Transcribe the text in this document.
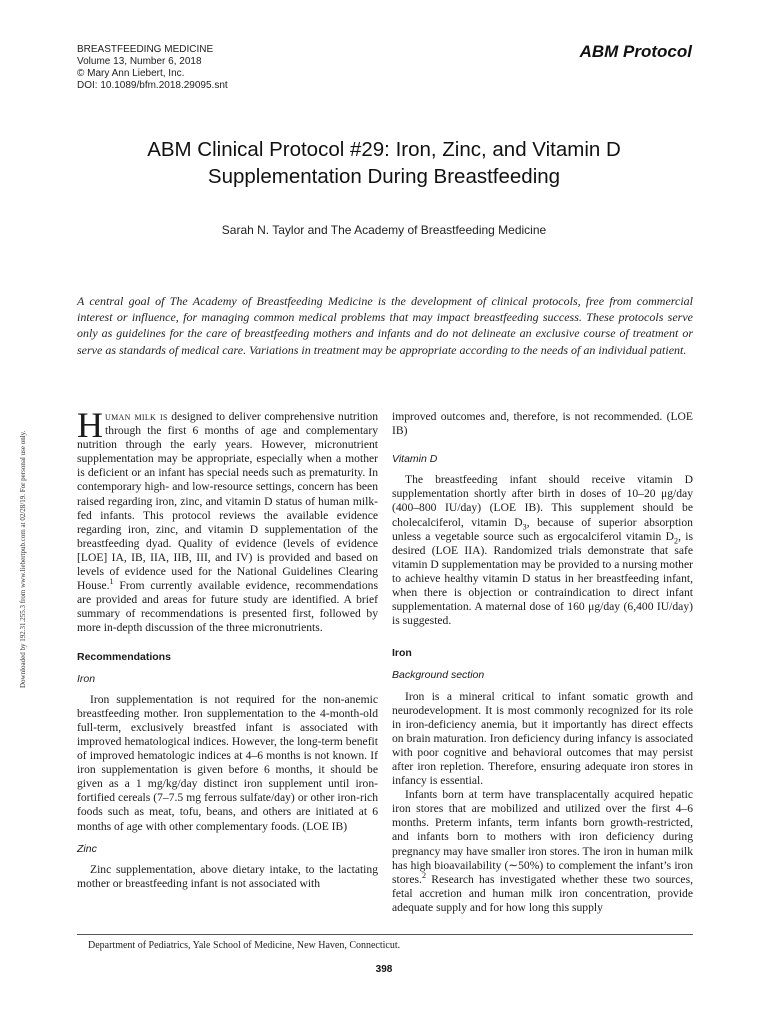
BREASTFEEDING MEDICINE
Volume 13, Number 6, 2018
© Mary Ann Liebert, Inc.
DOI: 10.1089/bfm.2018.29095.snt
ABM Protocol
ABM Clinical Protocol #29: Iron, Zinc, and Vitamin D
Supplementation During Breastfeeding
Sarah N. Taylor and The Academy of Breastfeeding Medicine
A central goal of The Academy of Breastfeeding Medicine is the development of clinical protocols, free from commercial interest or influence, for managing common medical problems that may impact breastfeeding success. These protocols serve only as guidelines for the care of breastfeeding mothers and infants and do not delineate an exclusive course of treatment or serve as standards of medical care. Variations in treatment may be appropriate according to the needs of an individual patient.
Downloaded by 192.31.255.3 from www.liebertpub.com at 02/28/19. For personal use only.

Human milk is designed to deliver comprehensive nutrition through the first 6 months of age and complementary nutrition through the early years. However, micronutrient supplementation may be appropriate, especially when a mother is deficient or an infant has special needs such as prematurity. In contemporary high- and low-resource settings, concern has been raised regarding iron, zinc, and vitamin D status of human milk-fed infants. This protocol reviews the available evidence regarding iron, zinc, and vitamin D supplementation of the breastfeeding dyad. Quality of evidence (levels of evidence [LOE] IA, IB, IIA, IIB, III, and IV) is provided and based on levels of evidence used for the National Guidelines Clearing House.$^1$ From currently available evidence, recommendations are provided and areas for future study are identified. A brief summary of recommendations is presented first, followed by more in-depth discussion of the three micronutrients.

Recommendations

Iron

Iron supplementation is not required for the non-anemic breastfeeding mother. Iron supplementation to the 4-month-old full-term, exclusively breastfed infant is associated with improved hematological indices. However, the long-term benefit of improved hematologic indices at 4–6 months is not known. If iron supplementation is given before 6 months, it should be given as a 1 mg/kg/day distinct iron supplement until iron-fortified cereals (7–7.5 mg ferrous sulfate/day) or other iron-rich foods such as meat, tofu, beans, and others are initiated at 6 months of age with other complementary foods. (LOE IB)

Zinc

Zinc supplementation, above dietary intake, to the lactating mother or breastfeeding infant is not associated with

improved outcomes and, therefore, is not recommended. (LOE IB)

Vitamin D

The breastfeeding infant should receive vitamin D supplementation shortly after birth in doses of 10–20 μg/day (400–800 IU/day) (LOE IB). This supplement should be cholecalciferol, vitamin $D_3$, because of superior absorption unless a vegetable source such as ergocalciferol vitamin $D_2$, is desired (LOE IIA). Randomized trials demonstrate that safe vitamin D supplementation may be provided to a nursing mother to achieve healthy vitamin D status in her breastfeeding infant, when there is objection or contraindication to direct infant supplementation. A maternal dose of 160 μg/day (6,400 IU/day) is suggested.

Iron

Background section

Iron is a mineral critical to infant somatic growth and neurodevelopment. It is most commonly recognized for its role in iron-deficiency anemia, but it importantly has direct effects on brain maturation. Iron deficiency during infancy is associated with poor cognitive and behavioral outcomes that may persist after iron repletion. Therefore, ensuring adequate iron stores in infancy is essential.

Infants born at term have transplacentally acquired hepatic iron stores that are mobilized and utilized over the first 4–6 months. Preterm infants, term infants born growth-restricted, and infants born to mothers with iron deficiency during pregnancy may have smaller iron stores. The iron in human milk has high bioavailability (∼50%) to complement the infant’s iron stores.$^2$ Research has investigated whether these two sources, fetal accretion and human milk iron concentration, provide adequate supply and for how long this supply

Department of Pediatrics, Yale School of Medicine, New Haven, Connecticut.
398
